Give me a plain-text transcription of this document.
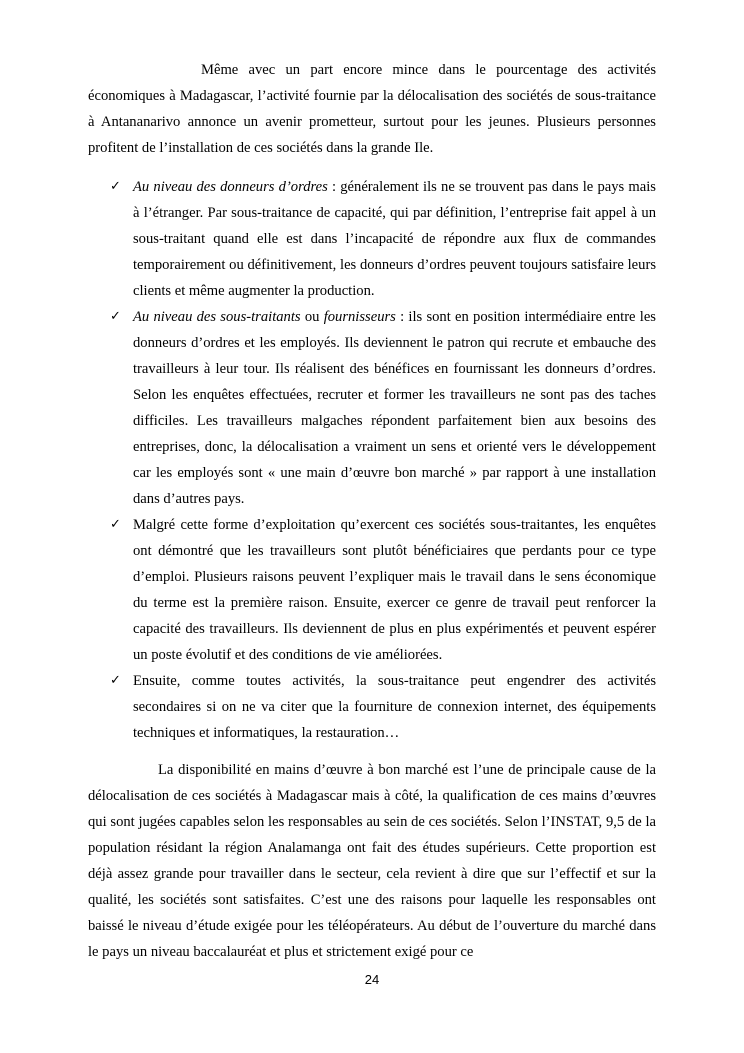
Même avec un part encore mince dans le pourcentage des activités économiques à Madagascar, l’activité fournie par la délocalisation des sociétés de sous-traitance à Antananarivo annonce un avenir prometteur, surtout pour les jeunes. Plusieurs personnes profitent de l’installation de ces sociétés dans la grande Ile.

✓ Au niveau des donneurs d’ordres : généralement ils ne se trouvent pas dans le pays mais à l’étranger. Par sous-traitance de capacité, qui par définition, l’entreprise fait appel à un sous-traitant quand elle est dans l’incapacité de répondre aux flux de commandes temporairement ou définitivement, les donneurs d’ordres peuvent toujours satisfaire leurs clients et même augmenter la production.
✓ Au niveau des sous-traitants ou fournisseurs : ils sont en position intermédiaire entre les donneurs d’ordres et les employés. Ils deviennent le patron qui recrute et embauche des travailleurs à leur tour. Ils réalisent des bénéfices en fournissant les donneurs d’ordres. Selon les enquêtes effectuées, recruter et former les travailleurs ne sont pas des taches difficiles. Les travailleurs malgaches répondent parfaitement bien aux besoins des entreprises, donc, la délocalisation a vraiment un sens et orienté vers le développement car les employés sont « une main d’œuvre bon marché » par rapport à une installation dans d’autres pays.
✓ Malgré cette forme d’exploitation qu’exercent ces sociétés sous-traitantes, les enquêtes ont démontré que les travailleurs sont plutôt bénéficiaires que perdants pour ce type d’emploi. Plusieurs raisons peuvent l’expliquer mais le travail dans le sens économique du terme est la première raison. Ensuite, exercer ce genre de travail peut renforcer la capacité des travailleurs. Ils deviennent de plus en plus expérimentés et peuvent espérer un poste évolutif et des conditions de vie améliorées.
✓ Ensuite, comme toutes activités, la sous-traitance peut engendrer des activités secondaires si on ne va citer que la fourniture de connexion internet, des équipements techniques et informatiques, la restauration…

La disponibilité en mains d’œuvre à bon marché est l’une de principale cause de la délocalisation de ces sociétés à Madagascar mais à côté, la qualification de ces mains d’œuvres qui sont jugées capables selon les responsables au sein de ces sociétés. Selon l’INSTAT, 9,5 de la population résidant la région Analamanga ont fait des études supérieurs. Cette proportion est déjà assez grande pour travailler dans le secteur, cela revient à dire que sur l’effectif et sur la qualité, les sociétés sont satisfaites. C’est une des raisons pour laquelle les responsables ont baissé le niveau d’étude exigée pour les téléopérateurs. Au début de l’ouverture du marché dans le pays un niveau baccalauréat et plus et strictement exigé pour ce

24
